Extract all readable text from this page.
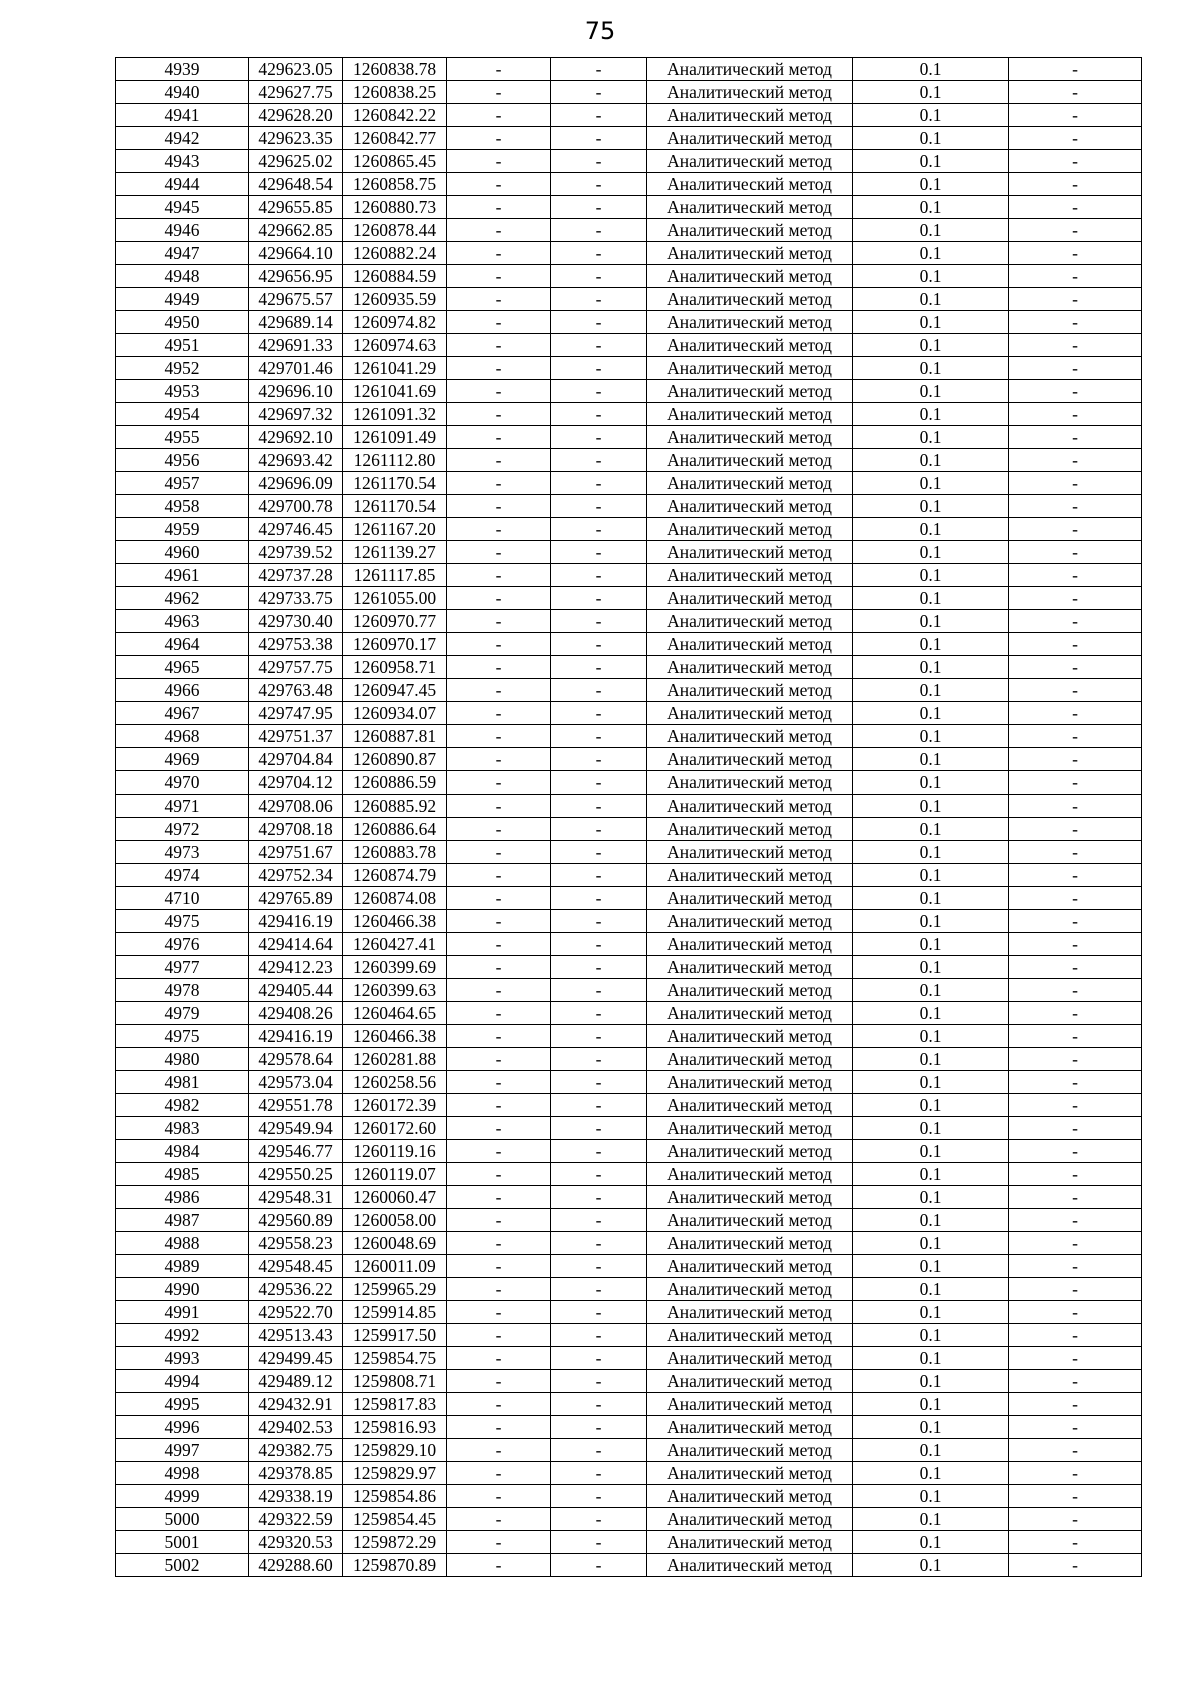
75
4939	429623.05	1260838.78	-	-	Аналитический метод	0.1	-
4940	429627.75	1260838.25	-	-	Аналитический метод	0.1	-
4941	429628.20	1260842.22	-	-	Аналитический метод	0.1	-
4942	429623.35	1260842.77	-	-	Аналитический метод	0.1	-
4943	429625.02	1260865.45	-	-	Аналитический метод	0.1	-
4944	429648.54	1260858.75	-	-	Аналитический метод	0.1	-
4945	429655.85	1260880.73	-	-	Аналитический метод	0.1	-
4946	429662.85	1260878.44	-	-	Аналитический метод	0.1	-
4947	429664.10	1260882.24	-	-	Аналитический метод	0.1	-
4948	429656.95	1260884.59	-	-	Аналитический метод	0.1	-
4949	429675.57	1260935.59	-	-	Аналитический метод	0.1	-
4950	429689.14	1260974.82	-	-	Аналитический метод	0.1	-
4951	429691.33	1260974.63	-	-	Аналитический метод	0.1	-
4952	429701.46	1261041.29	-	-	Аналитический метод	0.1	-
4953	429696.10	1261041.69	-	-	Аналитический метод	0.1	-
4954	429697.32	1261091.32	-	-	Аналитический метод	0.1	-
4955	429692.10	1261091.49	-	-	Аналитический метод	0.1	-
4956	429693.42	1261112.80	-	-	Аналитический метод	0.1	-
4957	429696.09	1261170.54	-	-	Аналитический метод	0.1	-
4958	429700.78	1261170.54	-	-	Аналитический метод	0.1	-
4959	429746.45	1261167.20	-	-	Аналитический метод	0.1	-
4960	429739.52	1261139.27	-	-	Аналитический метод	0.1	-
4961	429737.28	1261117.85	-	-	Аналитический метод	0.1	-
4962	429733.75	1261055.00	-	-	Аналитический метод	0.1	-
4963	429730.40	1260970.77	-	-	Аналитический метод	0.1	-
4964	429753.38	1260970.17	-	-	Аналитический метод	0.1	-
4965	429757.75	1260958.71	-	-	Аналитический метод	0.1	-
4966	429763.48	1260947.45	-	-	Аналитический метод	0.1	-
4967	429747.95	1260934.07	-	-	Аналитический метод	0.1	-
4968	429751.37	1260887.81	-	-	Аналитический метод	0.1	-
4969	429704.84	1260890.87	-	-	Аналитический метод	0.1	-
4970	429704.12	1260886.59	-	-	Аналитический метод	0.1	-
4971	429708.06	1260885.92	-	-	Аналитический метод	0.1	-
4972	429708.18	1260886.64	-	-	Аналитический метод	0.1	-
4973	429751.67	1260883.78	-	-	Аналитический метод	0.1	-
4974	429752.34	1260874.79	-	-	Аналитический метод	0.1	-
4710	429765.89	1260874.08	-	-	Аналитический метод	0.1	-
4975	429416.19	1260466.38	-	-	Аналитический метод	0.1	-
4976	429414.64	1260427.41	-	-	Аналитический метод	0.1	-
4977	429412.23	1260399.69	-	-	Аналитический метод	0.1	-
4978	429405.44	1260399.63	-	-	Аналитический метод	0.1	-
4979	429408.26	1260464.65	-	-	Аналитический метод	0.1	-
4975	429416.19	1260466.38	-	-	Аналитический метод	0.1	-
4980	429578.64	1260281.88	-	-	Аналитический метод	0.1	-
4981	429573.04	1260258.56	-	-	Аналитический метод	0.1	-
4982	429551.78	1260172.39	-	-	Аналитический метод	0.1	-
4983	429549.94	1260172.60	-	-	Аналитический метод	0.1	-
4984	429546.77	1260119.16	-	-	Аналитический метод	0.1	-
4985	429550.25	1260119.07	-	-	Аналитический метод	0.1	-
4986	429548.31	1260060.47	-	-	Аналитический метод	0.1	-
4987	429560.89	1260058.00	-	-	Аналитический метод	0.1	-
4988	429558.23	1260048.69	-	-	Аналитический метод	0.1	-
4989	429548.45	1260011.09	-	-	Аналитический метод	0.1	-
4990	429536.22	1259965.29	-	-	Аналитический метод	0.1	-
4991	429522.70	1259914.85	-	-	Аналитический метод	0.1	-
4992	429513.43	1259917.50	-	-	Аналитический метод	0.1	-
4993	429499.45	1259854.75	-	-	Аналитический метод	0.1	-
4994	429489.12	1259808.71	-	-	Аналитический метод	0.1	-
4995	429432.91	1259817.83	-	-	Аналитический метод	0.1	-
4996	429402.53	1259816.93	-	-	Аналитический метод	0.1	-
4997	429382.75	1259829.10	-	-	Аналитический метод	0.1	-
4998	429378.85	1259829.97	-	-	Аналитический метод	0.1	-
4999	429338.19	1259854.86	-	-	Аналитический метод	0.1	-
5000	429322.59	1259854.45	-	-	Аналитический метод	0.1	-
5001	429320.53	1259872.29	-	-	Аналитический метод	0.1	-
5002	429288.60	1259870.89	-	-	Аналитический метод	0.1	-
